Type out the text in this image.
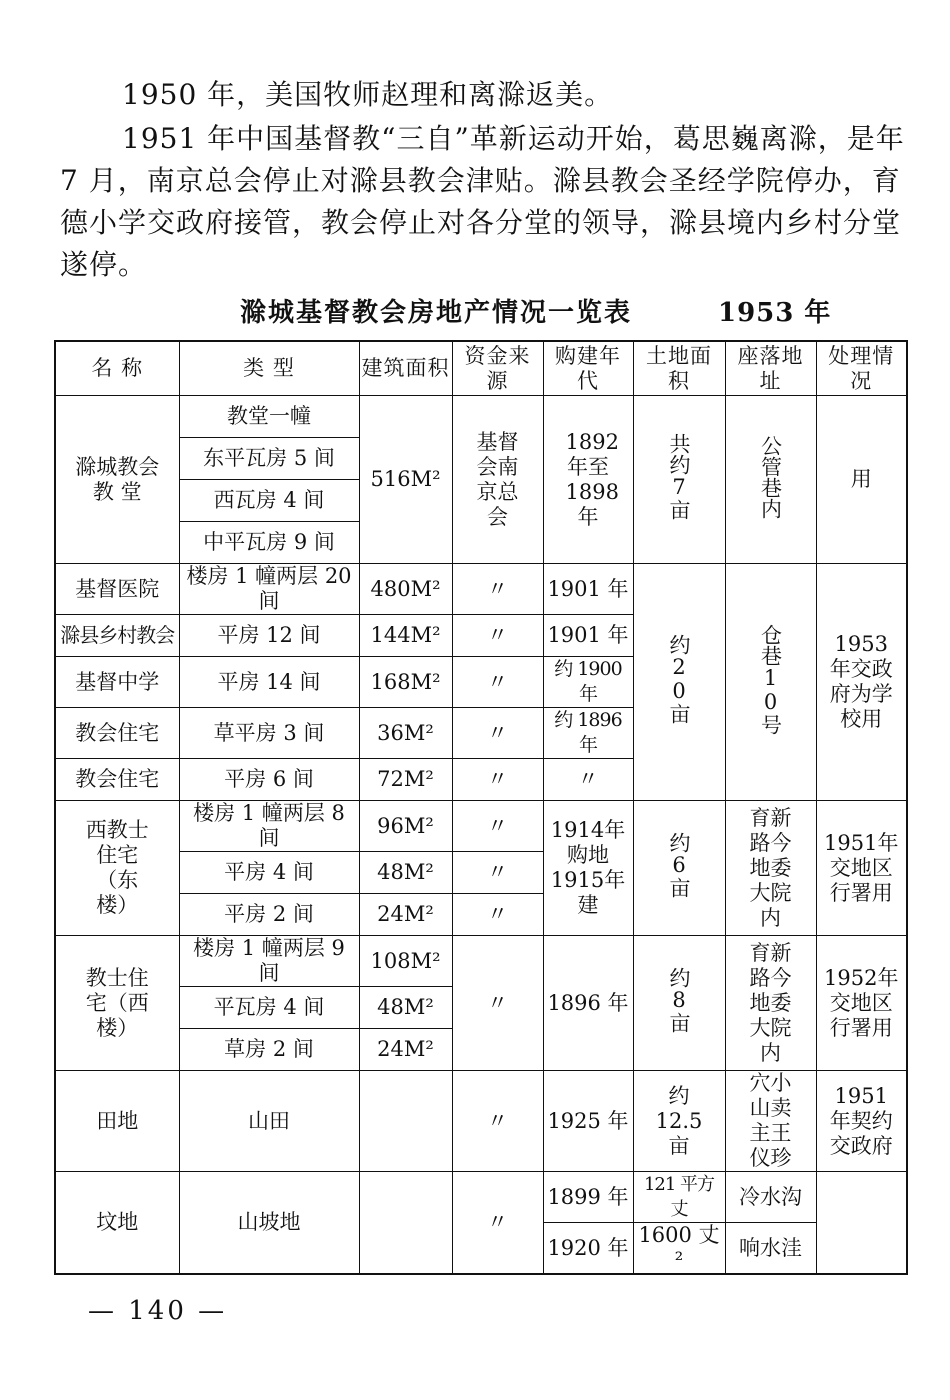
1950 年，美国牧师赵理和离滁返美。

1951 年中国基督教“三自”革新运动开始，葛思巍离滁，是年 7 月，南京总会停止对滁县教会津贴。滁县教会圣经学院停办，育德小学交政府接管，教会停止对各分堂的领导，滁县境内乡村分堂遂停。

滁城基督教会房地产情况一览表	1953 年
名 称	类 型	建筑面积	资金来源	购建年代	土地面积	座落地址	处理情况
滁城教会教 堂	教堂一幢	516M²	基督会南京总会	1892年至1898年	共约7亩	公管巷内	用
	东平瓦房 5 间						
	西瓦房 4 间						
	中平瓦房 9 间						
基督医院	楼房 1 幢两层 20 间	480M²	〃	1901 年	约20亩	仓巷10号	1953年交政府为学校用
滁县乡村教会	平房 12 间	144M²	〃	1901 年			
基督中学	平房 14 间	168M²	〃	约 1900 年			
教会住宅	草平房 3 间	36M²	〃	约 1896 年			
教会住宅	平房 6 间	72M²	〃	〃			
西教士住宅（东楼）	楼房 1 幢两层 8 间	96M²	〃	1914年购地1915年建	约6亩	育新路今地委大院内	1951年交地区行署用
	平房 4 间	48M²	〃				
	平房 2 间	24M²	〃				
教士住宅（西楼）	楼房 1 幢两层 9 间	108M²	〃	1896 年	约8亩	育新路今地委大院内	1952年交地区行署用
	平瓦房 4 间	48M²					
	草房 2 间	24M²					
田地	山田		〃	1925 年	约12.5亩	穴小山卖主王仪珍	1951年契约交政府
坟地	山坡地		〃	1899 年	121 平方丈	冷水沟	
				1920 年	1600 丈²	响水洼	
— 140 —
